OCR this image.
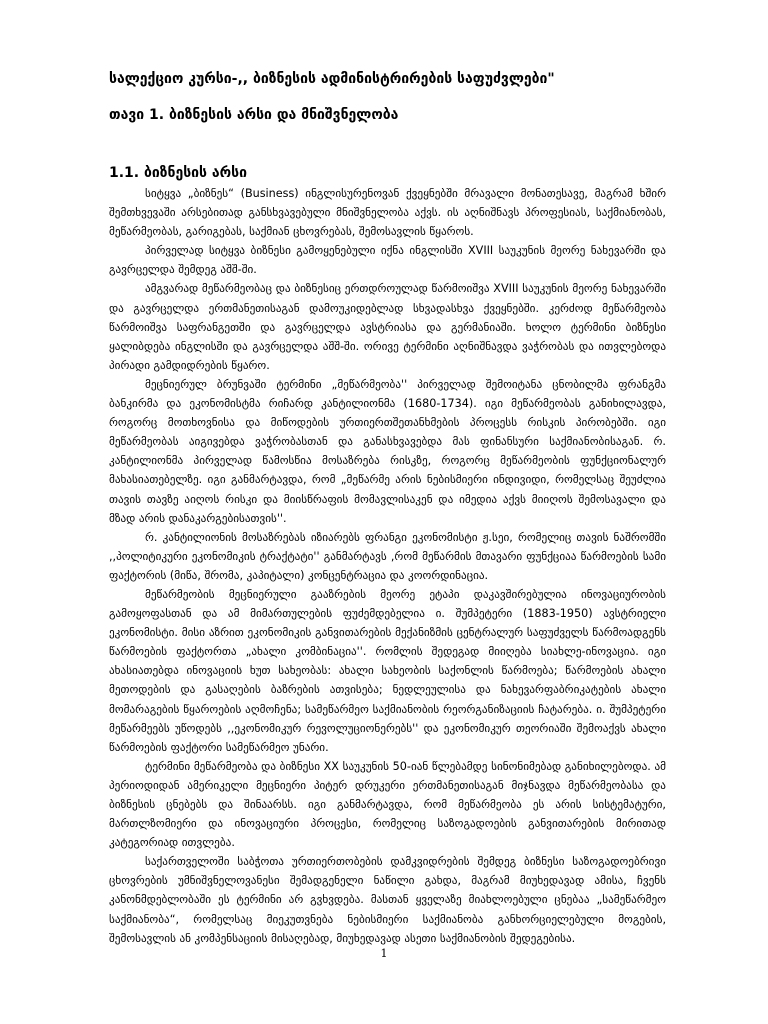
სალექციო კურსი-,, ბიზნესის ადმინისტრირების საფუძვლები"

თავი 1. ბიზნესის არსი და მნიშვნელობა

1.1. ბიზნესის არსი

სიტყვა „ბიზნეს“ (Business) ინგლისურენოვან ქვეყნებში მრავალი მონათესავე, მაგრამ ხშირ შემთხვევაში არსებითად განსხვავებული მნიშვნელობა აქვს. ის აღნიშნავს პროფესიას, საქმიანობას, მეწარმეობას, გარიგებას, საქმიან ცხოვრებას, შემოსავლის წყაროს.

პირველად სიტყვა ბიზნესი გამოყენებული იქნა ინგლისში XVIII საუკუნის მეორე ნახევარში და გავრცელდა შემდეგ აშშ-ში.

ამგვარად მეწარმეობაც და ბიზნესიც ერთდროულად წარმოიშვა XVIII საუკუნის მეორე ნახევარში და გავრცელდა ერთმანეთისაგან დამოუკიდებლად სხვადასხვა ქვეყნებში. კერძოდ მეწარმეობა წარმოიშვა საფრანგეთში და გავრცელდა ავსტრიასა და გერმანიაში. ხოლო ტერმინი ბიზნესი ყალიბდება ინგლისში და გავრცელდა აშშ-ში. ორივე ტერმინი აღნიშნავდა ვაჭრობას და ითვლებოდა პირადი გამდიდრების წყარო.

მეცნიერულ ბრუნვაში ტერმინი „მეწარმეობა'' პირველად შემოიტანა ცნობილმა ფრანგმა ბანკირმა და ეკონომისტმა რიჩარდ კანტილიონმა (1680-1734). იგი მეწარმეობას განიხილავდა, როგორც მოთხოვნისა და მიწოდების ურთიერთშეთანხმების პროცესს რისკის პირობებში. იგი მეწარმეობას აიგივებდა ვაჭრობასთან და განასხვავებდა მას ფინანსური საქმიანობისაგან. რ. კანტილიონმა პირველად წამოსწია მოსაზრება რისკზე, როგორც მეწარმეობის ფუნქციონალურ მახასიათებელზე. იგი განმარტავდა, რომ „მეწარმე არის ნებისმიერი ინდივიდი, რომელსაც შეუძლია თავის თავზე აიღოს რისკი და მიისწრაფის მომავლისაკენ და იმედია აქვს მიიღოს შემოსავალი და მზად არის დანაკარგებისათვის''.

რ. კანტილიონის მოსაზრებას იზიარებს ფრანგი ეკონომისტი ჟ.სეი, რომელიც თავის ნაშრომში ,,პოლიტიკური ეკონომიკის ტრაქტატი'' განმარტავს ,რომ მეწარმის მთავარი ფუნქციაა წარმოების სამი ფაქტორის (მიწა, შრომა, კაპიტალი) კონცენტრაცია და კოორდინაცია.

მეწარმეობის მეცნიერული გააზრების მეორე ეტაპი დაკავშირებულია ინოვაციურობის გამოყოფასთან და ამ მიმართულების ფუძემდებელია ი. შუმპეტერი (1883-1950) ავსტრიელი ეკონომისტი. მისი აზრით ეკონომიკის განვითარების მექანიზმის ცენტრალურ საფუძველს წარმოადგენს წარმოების ფაქტორთა „ახალი კომბინაცია''. რომლის შედეგად მიიღება სიახლე-ინოვაცია. იგი ახასიათებდა ინოვაციის ხუთ სახეობას: ახალი სახეობის საქონლის წარმოება; წარმოების ახალი მეთოდების და გასაღების ბაზრების ათვისება; ნედლეულისა და ნახევარფაბრიკატების ახალი მომარაგების წყაროების აღმოჩენა; სამეწარმეო საქმიანობის რეორგანიზაციის ჩატარება. ი. შუმპეტერი მეწარმეებს უწოდებს ,,ეკონომიკურ რევოლუციონერებს'' და ეკონომიკურ თეორიაში შემოაქვს ახალი წარმოების ფაქტორი სამეწარმეო უნარი.

ტერმინი მეწარმეობა და ბიზნესი XX საუკუნის 50-იან წლებამდე სინონიმებად განიხილებოდა. ამ პერიოდიდან ამერიკელი მეცნიერი პიტერ დრუკერი ერთმანეთისაგან მიჯნავდა მეწარმეობასა და ბიზნესის ცნებებს და შინაარსს. იგი განმარტავდა, რომ მეწარმეობა ეს არის სისტემატური, მართლზომიერი და ინოვაციური პროცესი, რომელიც საზოგადოების განვითარების მირითად კატეგორიად ითვლება.

საქართველოში საბჭოთა ურთიერთობების დამკვიდრების შემდეგ ბიზნესი საზოგადოებრივი ცხოვრების უმნიშვნელოვანესი შემადგენელი ნაწილი გახდა, მაგრამ მიუხედავად ამისა, ჩვენს კანონმდებლობაში ეს ტერმინი არ გვხვდება. მასთან ყველაზე მიახლოებული ცნებაა „სამეწარმეო საქმიანობა“, რომელსაც მიეკუთვნება ნებისმიერი საქმიანობა განხორციელებული მოგების, შემოსავლის ან კომპენსაციის მისაღებად, მიუხედავად ასეთი საქმიანობის შედეგებისა.

1
